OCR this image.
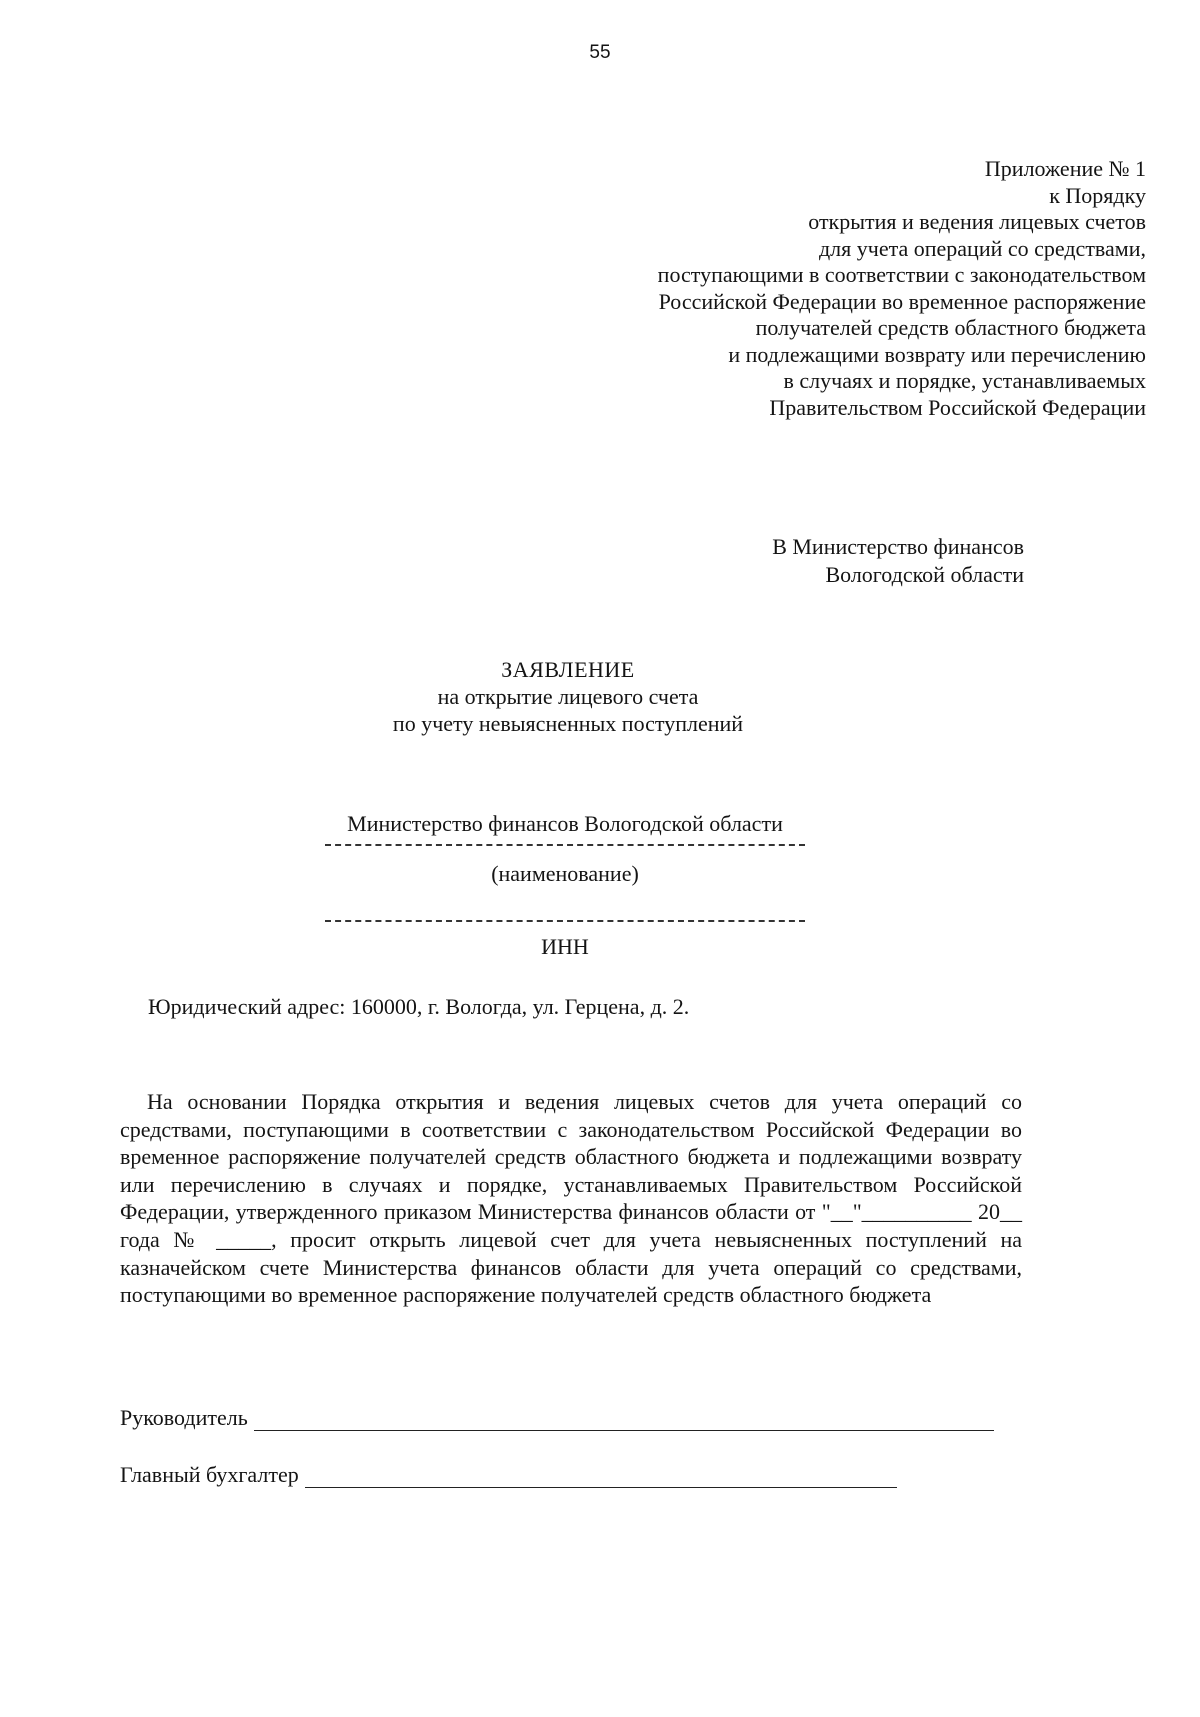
55
Приложение № 1
к Порядку
открытия и ведения лицевых счетов
для учета операций со средствами,
поступающими в соответствии с законодательством
Российской Федерации во временное распоряжение
получателей средств областного бюджета
и подлежащими возврату или перечислению
в случаях и порядке, устанавливаемых
Правительством Российской Федерации
В Министерство финансов
Вологодской области
ЗАЯВЛЕНИЕ
на открытие лицевого счета
по учету невыясненных поступлений
Министерство финансов Вологодской области
(наименование)
ИНН
Юридический адрес: 160000, г. Вологда, ул. Герцена, д. 2.
На основании Порядка открытия и ведения лицевых счетов для учета операций со средствами, поступающими в соответствии с законодательством Российской Федерации во временное распоряжение получателей средств областного бюджета и подлежащими возврату или перечислению в случаях и порядке, устанавливаемых Правительством Российской Федерации, утвержденного приказом Министерства финансов области от "__"__________ 20__ года № _____, просит открыть лицевой счет для учета невыясненных поступлений на казначейском счете Министерства финансов области для учета операций со средствами, поступающими во временное распоряжение получателей средств областного бюджета
Руководитель
Главный бухгалтер
